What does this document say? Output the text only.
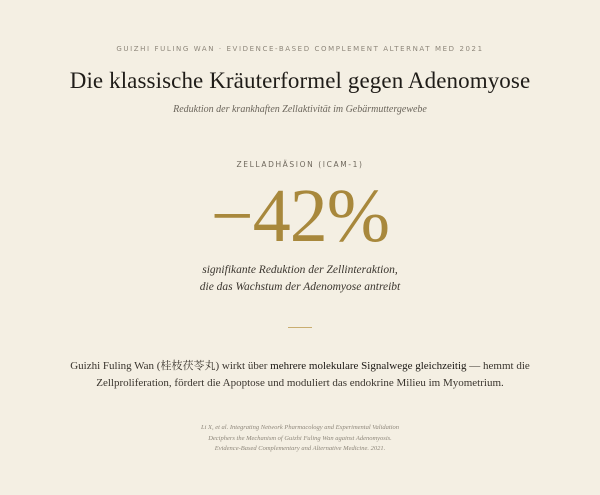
GUIZHI FULING WAN · EVIDENCE-BASED COMPLEMENT ALTERNAT MED 2021
Die klassische Kräuterformel gegen Adenomyose
Reduktion der krankhaften Zellaktivität im Gebärmuttergewebe
ZELLADHÄSION (ICAM-1)
−42%
signifikante Reduktion der Zellinteraktion,
die das Wachstum der Adenomyose antreibt
Guizhi Fuling Wan (桂枝茯苓丸) wirkt über mehrere molekulare Signalwege gleichzeitig — hemmt die Zellproliferation, fördert die Apoptose und moduliert das endokrine Milieu im Myometrium.
Li X, et al. Integrating Network Pharmacology and Experimental Validation
Deciphers the Mechanism of Guizhi Fuling Wan against Adenomyosis.
Evidence-Based Complementary and Alternative Medicine. 2021.
